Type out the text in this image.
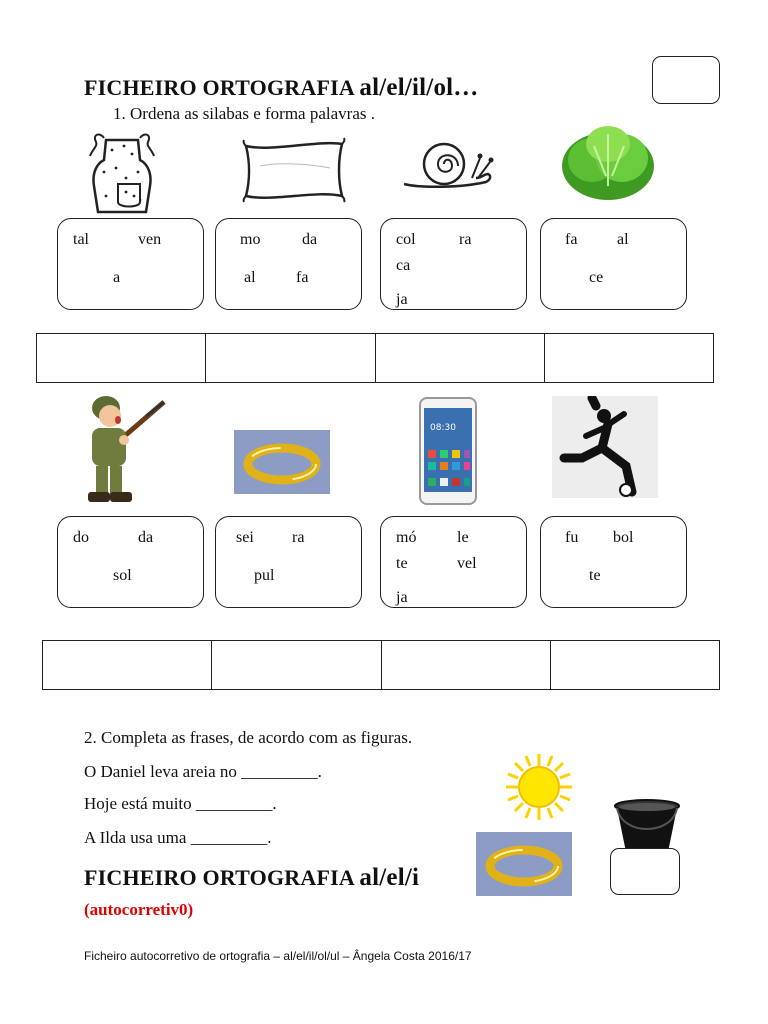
FICHEIRO ORTOGRAFIA al/el/il/ol…
1. Ordena as silabas e forma palavras .
tal	ven
a
mo	da
al	fa
col	ra
ca
ja
fa al
ce
08:30
do	da
sol
sei ra
pul
mó	le
te	vel
ja
fu bol
te
2. Completa as frases, de acordo com as figuras.
O Daniel leva areia no _________.
Hoje está muito _________.
A Ilda usa uma _________.
FICHEIRO ORTOGRAFIA al/el/i
(autocorretiv0)
Ficheiro autocorretivo de ortografia – al/el/il/ol/ul – Ângela Costa 2016/17
